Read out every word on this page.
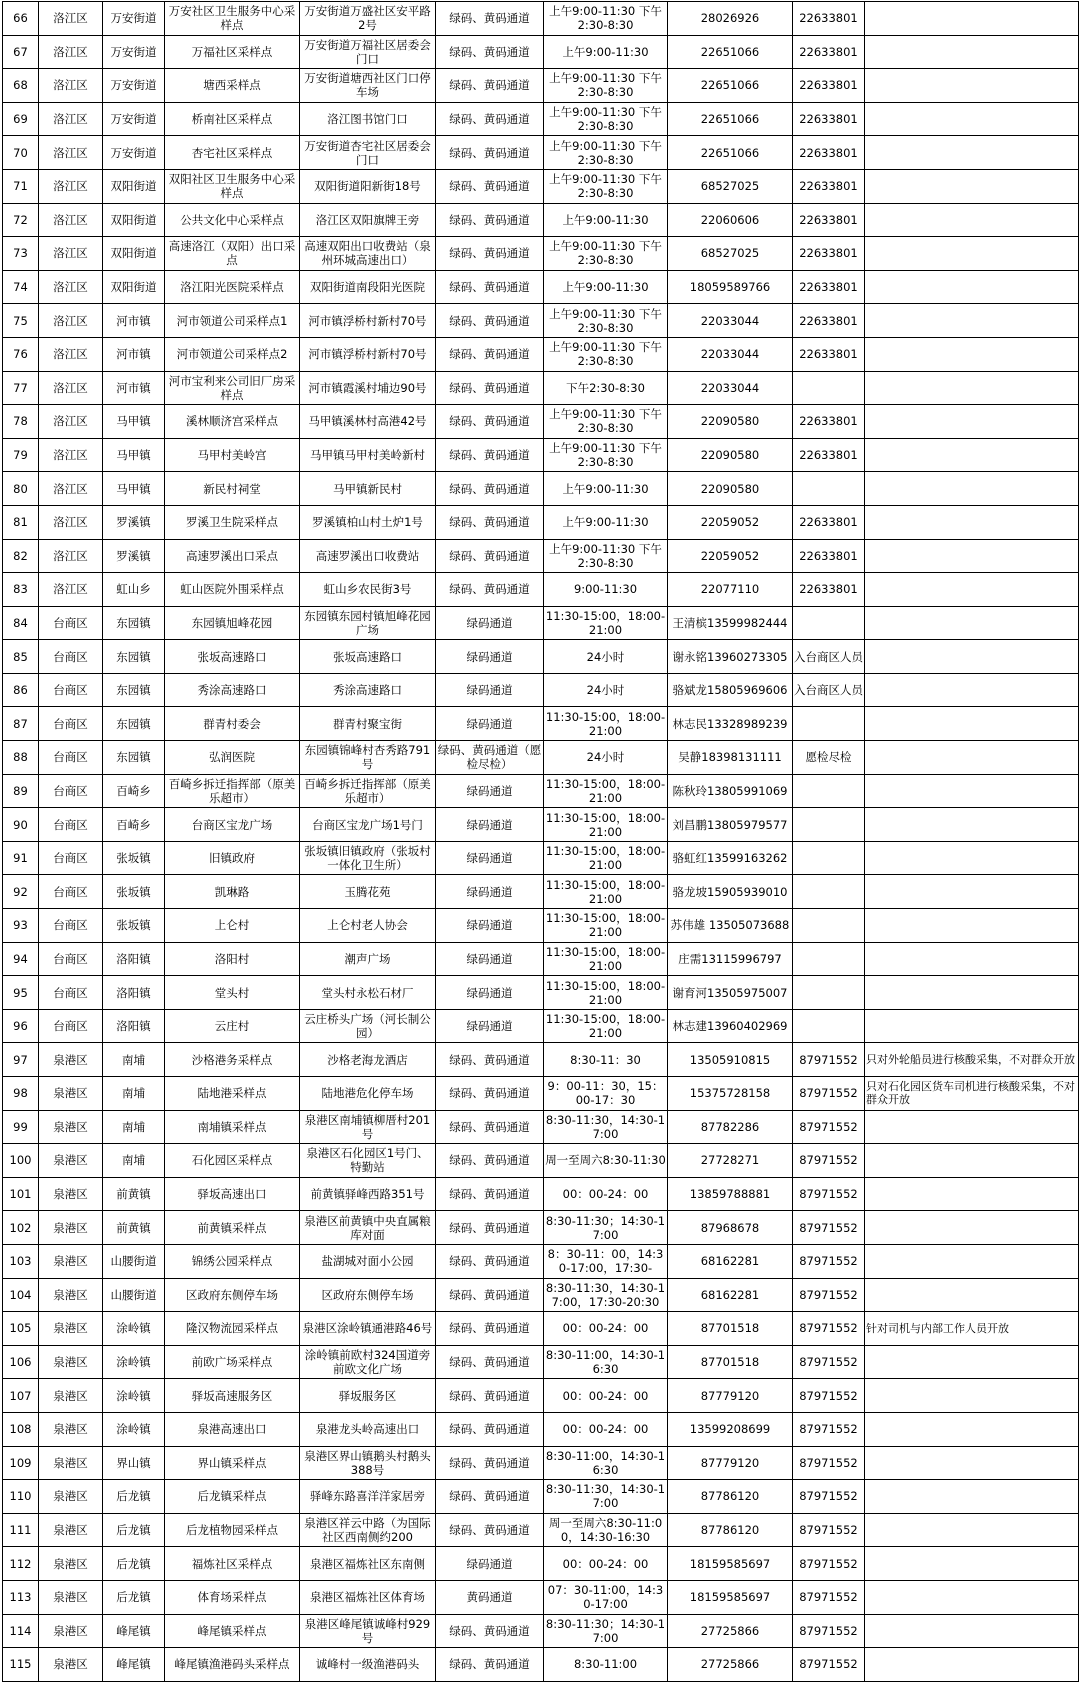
66	洛江区	万安街道	万安社区卫生服务中心采样点	万安街道万盛社区安平路2号	绿码、黄码通道	上午9:00-11:30 下午2:30-8:30	28026926	22633801	
67	洛江区	万安街道	万福社区采样点	万安街道万福社区居委会门口	绿码、黄码通道	上午9:00-11:30	22651066	22633801	
68	洛江区	万安街道	塘西采样点	万安街道塘西社区门口停车场	绿码、黄码通道	上午9:00-11:30 下午2:30-8:30	22651066	22633801	
69	洛江区	万安街道	桥南社区采样点	洛江图书馆门口	绿码、黄码通道	上午9:00-11:30 下午2:30-8:30	22651066	22633801	
70	洛江区	万安街道	杏宅社区采样点	万安街道杏宅社区居委会门口	绿码、黄码通道	上午9:00-11:30 下午2:30-8:30	22651066	22633801	
71	洛江区	双阳街道	双阳社区卫生服务中心采样点	双阳街道阳新街18号	绿码、黄码通道	上午9:00-11:30 下午2:30-8:30	68527025	22633801	
72	洛江区	双阳街道	公共文化中心采样点	洛江区双阳旗牌王旁	绿码、黄码通道	上午9:00-11:30	22060606	22633801	
73	洛江区	双阳街道	高速洛江（双阳）出口采点	高速双阳出口收费站（泉州环城高速出口）	绿码、黄码通道	上午9:00-11:30 下午2:30-8:30	68527025	22633801	
74	洛江区	双阳街道	洛江阳光医院采样点	双阳街道南段阳光医院	绿码、黄码通道	上午9:00-11:30	18059589766	22633801	
75	洛江区	河市镇	河市领道公司采样点1	河市镇浮桥村新村70号	绿码、黄码通道	上午9:00-11:30 下午2:30-8:30	22033044	22633801	
76	洛江区	河市镇	河市领道公司采样点2	河市镇浮桥村新村70号	绿码、黄码通道	上午9:00-11:30 下午2:30-8:30	22033044	22633801	
77	洛江区	河市镇	河市宝利来公司旧厂房采样点	河市镇霞溪村埔边90号	绿码、黄码通道	下午2:30-8:30	22033044		
78	洛江区	马甲镇	溪林顺济宫采样点	马甲镇溪林村高港42号	绿码、黄码通道	上午9:00-11:30 下午2:30-8:30	22090580	22633801	
79	洛江区	马甲镇	马甲村美岭宫	马甲镇马甲村美岭新村	绿码、黄码通道	上午9:00-11:30 下午2:30-8:30	22090580	22633801	
80	洛江区	马甲镇	新民村祠堂	马甲镇新民村	绿码、黄码通道	上午9:00-11:30	22090580		
81	洛江区	罗溪镇	罗溪卫生院采样点	罗溪镇柏山村土炉1号	绿码、黄码通道	上午9:00-11:30	22059052	22633801	
82	洛江区	罗溪镇	高速罗溪出口采点	高速罗溪出口收费站	绿码、黄码通道	上午9:00-11:30 下午2:30-8:30	22059052	22633801	
83	洛江区	虹山乡	虹山医院外围采样点	虹山乡农民街3号	绿码、黄码通道	9:00-11:30	22077110	22633801	
84	台商区	东园镇	东园镇旭峰花园	东园镇东园村镇旭峰花园广场	绿码通道	11:30-15:00，18:00-21:00	王清槟13599982444		
85	台商区	东园镇	张坂高速路口	张坂高速路口	绿码通道	24小时	谢永铭13960273305	入台商区人员	
86	台商区	东园镇	秀涂高速路口	秀涂高速路口	绿码通道	24小时	骆斌龙15805969606	入台商区人员	
87	台商区	东园镇	群青村委会	群青村聚宝街	绿码通道	11:30-15:00，18:00-21:00	林志民13328989239		
88	台商区	东园镇	弘润医院	东园镇锦峰村杏秀路791号	绿码、黄码通道（愿检尽检）	24小时	吴静18398131111	愿检尽检	
89	台商区	百崎乡	百崎乡拆迁指挥部（原美乐超市）	百崎乡拆迁指挥部（原美乐超市）	绿码通道	11:30-15:00，18:00-21:00	陈秋玲13805991069		
90	台商区	百崎乡	台商区宝龙广场	台商区宝龙广场1号门	绿码通道	11:30-15:00，18:00-21:00	刘昌鹏13805979577		
91	台商区	张坂镇	旧镇政府	张坂镇旧镇政府（张坂村一体化卫生所）	绿码通道	11:30-15:00，18:00-21:00	骆虹红13599163262		
92	台商区	张坂镇	凯琳路	玉腾花苑	绿码通道	11:30-15:00，18:00-21:00	骆龙坡15905939010		
93	台商区	张坂镇	上仑村	上仑村老人协会	绿码通道	11:30-15:00，18:00-21:00	苏伟雄 13505073688		
94	台商区	洛阳镇	洛阳村	潮声广场	绿码通道	11:30-15:00，18:00-21:00	庄需13115996797		
95	台商区	洛阳镇	堂头村	堂头村永松石材厂	绿码通道	11:30-15:00，18:00-21:00	谢育河13505975007		
96	台商区	洛阳镇	云庄村	云庄桥头广场（河长制公园）	绿码通道	11:30-15:00，18:00-21:00	林志建13960402969		
97	泉港区	南埔	沙格港务采样点	沙格老海龙酒店	绿码、黄码通道	8:30-11：30	13505910815	87971552	只对外轮船员进行核酸采集，不对群众开放
98	泉港区	南埔	陆地港采样点	陆地港危化停车场	绿码、黄码通道	9：00-11：30，15：00-17：30	15375728158	87971552	只对石化园区货车司机进行核酸采集，不对群众开放
99	泉港区	南埔	南埔镇采样点	泉港区南埔镇柳厝村201号	绿码、黄码通道	8:30-11:30，14:30-17:00	87782286	87971552	
100	泉港区	南埔	石化园区采样点	泉港区石化园区1号门、特勤站	绿码、黄码通道	周一至周六8:30-11:30	27728271	87971552	
101	泉港区	前黄镇	驿坂高速出口	前黄镇驿峰西路351号	绿码、黄码通道	00：00-24：00	13859788881	87971552	
102	泉港区	前黄镇	前黄镇采样点	泉港区前黄镇中央直属粮库对面	绿码、黄码通道	8:30-11:30；14:30-17:00	87968678	87971552	
103	泉港区	山腰街道	锦绣公园采样点	盐湖城对面小公园	绿码、黄码通道	8：30-11：00，14:30-17:00，17:30-	68162281	87971552	
104	泉港区	山腰街道	区政府东侧停车场	区政府东侧停车场	绿码、黄码通道	8:30-11:30，14:30-17:00，17:30-20:30	68162281	87971552	
105	泉港区	涂岭镇	隆汉物流园采样点	泉港区涂岭镇通港路46号	绿码、黄码通道	00：00-24：00	87701518	87971552	针对司机与内部工作人员开放
106	泉港区	涂岭镇	前欧广场采样点	涂岭镇前欧村324国道旁前欧文化广场	绿码、黄码通道	8:30-11:00，14:30-16:30	87701518	87971552	
107	泉港区	涂岭镇	驿坂高速服务区	驿坂服务区	绿码、黄码通道	00：00-24：00	87779120	87971552	
108	泉港区	涂岭镇	泉港高速出口	泉港龙头岭高速出口	绿码、黄码通道	00：00-24：00	13599208699	87971552	
109	泉港区	界山镇	界山镇采样点	泉港区界山镇鹅头村鹅头388号	绿码、黄码通道	8:30-11:00，14:30-16:30	87779120	87971552	
110	泉港区	后龙镇	后龙镇采样点	驿峰东路喜洋洋家居旁	绿码、黄码通道	8:30-11:30，14:30-17:00	87786120	87971552	
111	泉港区	后龙镇	后龙植物园采样点	泉港区祥云中路（为国际社区西南侧约200	绿码、黄码通道	周一至周六8:30-11:00，14:30-16:30	87786120	87971552	
112	泉港区	后龙镇	福炼社区采样点	泉港区福炼社区东南侧	绿码通道	00：00-24：00	18159585697	87971552	
113	泉港区	后龙镇	体育场采样点	泉港区福炼社区体育场	黄码通道	07：30-11:00，14:30-17:00	18159585697	87971552	
114	泉港区	峰尾镇	峰尾镇采样点	泉港区峰尾镇诚峰村929号	绿码、黄码通道	8:30-11:30；14:30-17:00	27725866	87971552	
115	泉港区	峰尾镇	峰尾镇渔港码头采样点	诚峰村一级渔港码头	绿码、黄码通道	8:30-11:00	27725866	87971552	
